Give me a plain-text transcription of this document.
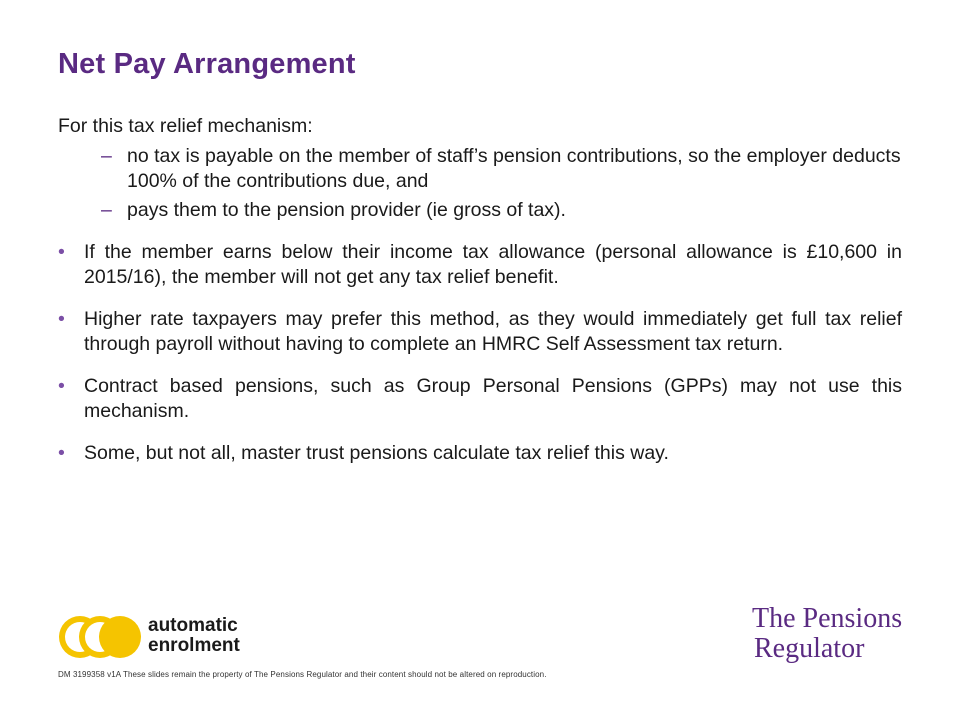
Net Pay Arrangement

For this tax relief mechanism:

– no tax is payable on the member of staff’s pension contributions, so the employer deducts 100% of the contributions due, and

– pays them to the pension provider (ie gross of tax).

• If the member earns below their income tax allowance (personal allowance is £10,600 in 2015/16), the member will not get any tax relief benefit.

• Higher rate taxpayers may prefer this method, as they would immediately get full tax relief through payroll without having to complete an HMRC Self Assessment tax return.

• Contract based pensions, such as Group Personal Pensions (GPPs) may not use this mechanism.

• Some, but not all, master trust pensions calculate tax relief this way.

automatic
enrolment
The Pensions
Regulator
DM 3199358 v1A These slides remain the property of The Pensions Regulator and their content should not be altered on reproduction.
